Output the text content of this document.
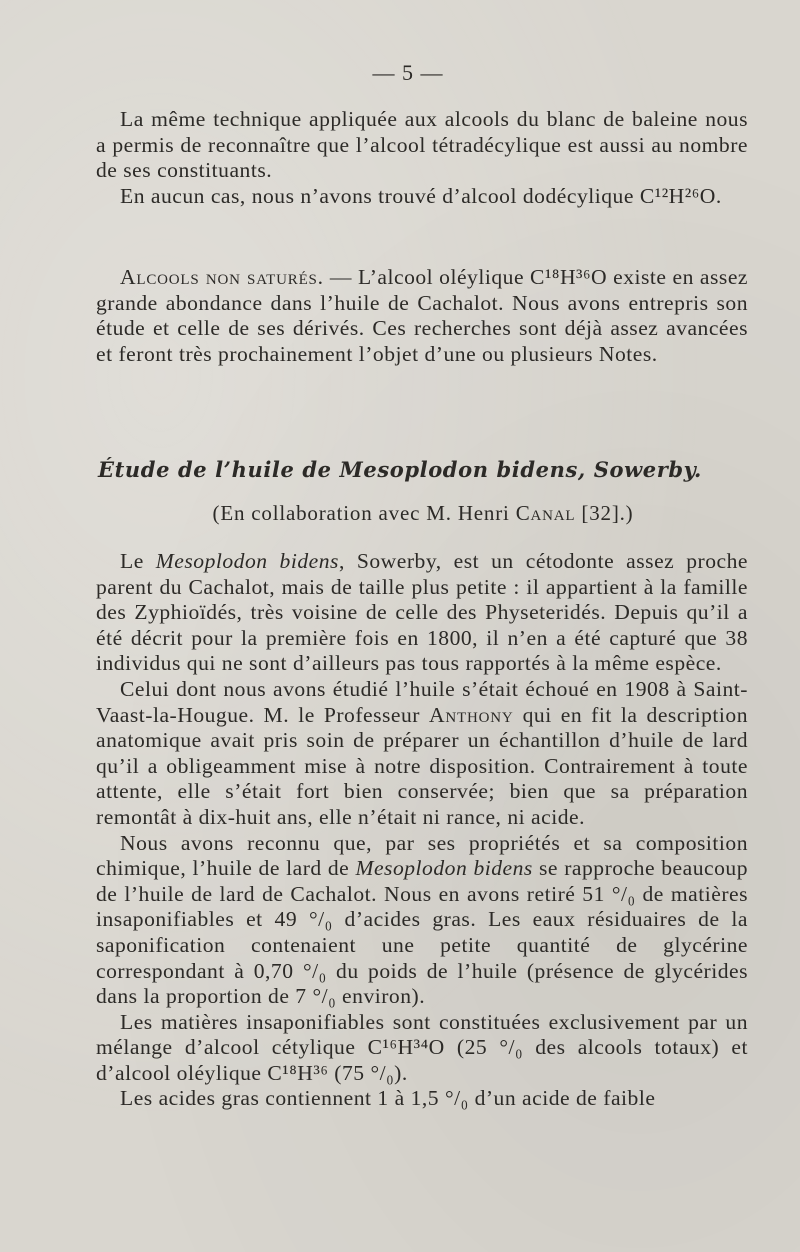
— 5 —

La même technique appliquée aux alcools du blanc de baleine nous a permis de reconnaître que l’alcool tétradécylique est aussi au nombre de ses constituants.

En aucun cas, nous n’avons trouvé d’alcool dodécylique C¹²H²⁶O.

Alcools non saturés. — L’alcool oléylique C¹⁸H³⁶O existe en assez grande abondance dans l’huile de Cachalot. Nous avons entrepris son étude et celle de ses dérivés. Ces recherches sont déjà assez avancées et feront très prochainement l’objet d’une ou plusieurs Notes.

Étude de l’huile de Mesoplodon bidens, Sowerby.
(En collaboration avec M. Henri Canal [32].)

Le Mesoplodon bidens, Sowerby, est un cétodonte assez proche parent du Cachalot, mais de taille plus petite : il appartient à la famille des Zyphioïdés, très voisine de celle des Physeteridés. Depuis qu’il a été décrit pour la première fois en 1800, il n’en a été capturé que 38 individus qui ne sont d’ailleurs pas tous rapportés à la même espèce.

Celui dont nous avons étudié l’huile s’était échoué en 1908 à Saint-Vaast-la-Hougue. M. le Professeur Anthony qui en fit la description anatomique avait pris soin de préparer un échantillon d’huile de lard qu’il a obligeamment mise à notre disposition. Contrairement à toute attente, elle s’était fort bien conservée; bien que sa préparation remontât à dix-huit ans, elle n’était ni rance, ni acide.

Nous avons reconnu que, par ses propriétés et sa composition chimique, l’huile de lard de Mesoplodon bidens se rapproche beaucoup de l’huile de lard de Cachalot. Nous en avons retiré 51 °/₀ de matières insaponifiables et 49 °/₀ d’acides gras. Les eaux résiduaires de la saponification contenaient une petite quantité de glycérine correspondant à 0,70 °/₀ du poids de l’huile (présence de glycérides dans la proportion de 7 °/₀ environ).

Les matières insaponifiables sont constituées exclusivement par un mélange d’alcool cétylique C¹⁶H³⁴O (25 °/₀ des alcools totaux) et d’alcool oléylique C¹⁸H³⁶ (75 °/₀).

Les acides gras contiennent 1 à 1,5 °/₀ d’un acide de faible
